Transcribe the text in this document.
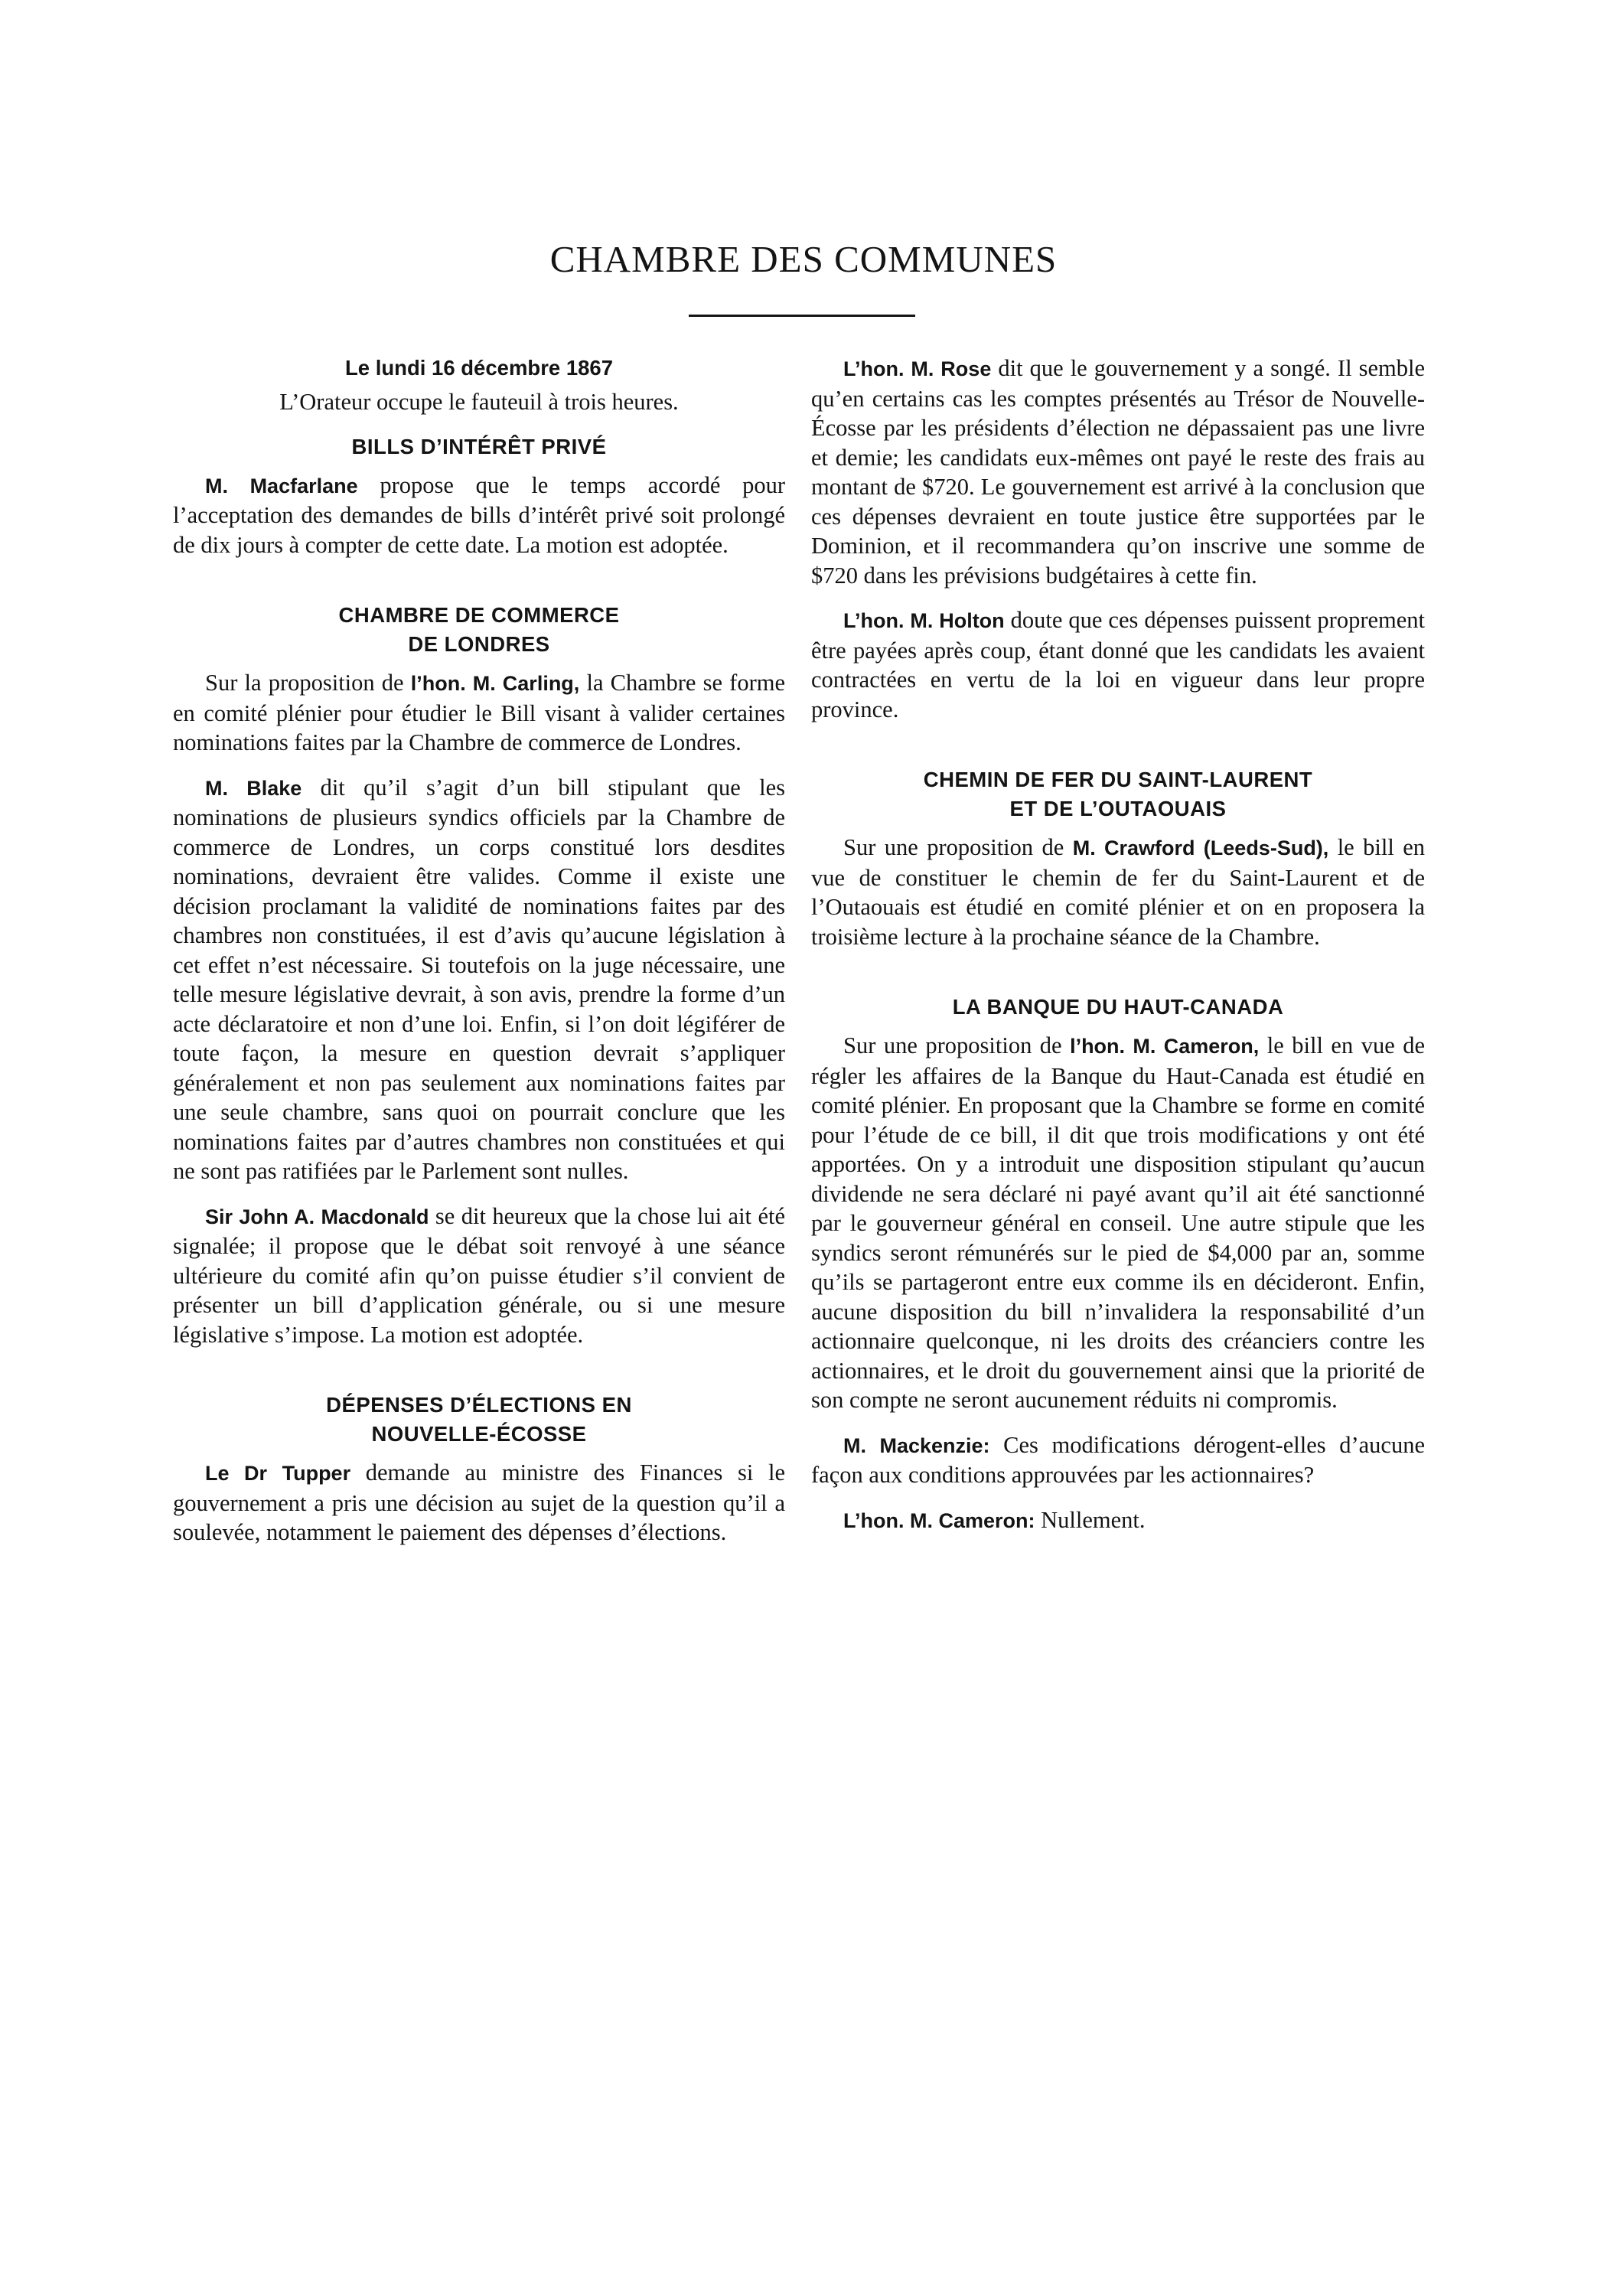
CHAMBRE DES COMMUNES

Le lundi 16 décembre 1867

L’Orateur occupe le fauteuil à trois heures.

BILLS D’INTÉRÊT PRIVÉ

M. Macfarlane propose que le temps accordé pour l’acceptation des demandes de bills d’intérêt privé soit prolongé de dix jours à compter de cette date. La motion est adoptée.

CHAMBRE DE COMMERCE

DE LONDRES

Sur la proposition de l’hon. M. Carling, la Chambre se forme en comité plénier pour étudier le Bill visant à valider certaines nominations faites par la Chambre de commerce de Londres.

M. Blake dit qu’il s’agit d’un bill stipulant que les nominations de plusieurs syndics officiels par la Chambre de commerce de Londres, un corps constitué lors desdites nominations, devraient être valides. Comme il existe une décision proclamant la validité de nominations faites par des chambres non constituées, il est d’avis qu’aucune législation à cet effet n’est nécessaire. Si toutefois on la juge nécessaire, une telle mesure législative devrait, à son avis, prendre la forme d’un acte déclaratoire et non d’une loi. Enfin, si l’on doit légiférer de toute façon, la mesure en question devrait s’appliquer généralement et non pas seulement aux nominations faites par une seule chambre, sans quoi on pourrait conclure que les nominations faites par d’autres chambres non constituées et qui ne sont pas ratifiées par le Parlement sont nulles.

Sir John A. Macdonald se dit heureux que la chose lui ait été signalée; il propose que le débat soit renvoyé à une séance ultérieure du comité afin qu’on puisse étudier s’il convient de présenter un bill d’application générale, ou si une mesure législative s’impose. La motion est adoptée.

DÉPENSES D’ÉLECTIONS EN

NOUVELLE-ÉCOSSE

Le Dr Tupper demande au ministre des Finances si le gouvernement a pris une décision au sujet de la question qu’il a soulevée, notamment le paiement des dépenses d’élections.

L’hon. M. Rose dit que le gouvernement y a songé. Il semble qu’en certains cas les comptes présentés au Trésor de Nouvelle-Écosse par les présidents d’élection ne dépassaient pas une livre et demie; les candidats eux-mêmes ont payé le reste des frais au montant de $720. Le gouvernement est arrivé à la conclusion que ces dépenses devraient en toute justice être supportées par le Dominion, et il recommandera qu’on inscrive une somme de $720 dans les prévisions budgétaires à cette fin.

L’hon. M. Holton doute que ces dépenses puissent proprement être payées après coup, étant donné que les candidats les avaient contractées en vertu de la loi en vigueur dans leur propre province.

CHEMIN DE FER DU SAINT-LAURENT

ET DE L’OUTAOUAIS

Sur une proposition de M. Crawford (Leeds-Sud), le bill en vue de constituer le chemin de fer du Saint-Laurent et de l’Outaouais est étudié en comité plénier et on en proposera la troisième lecture à la prochaine séance de la Chambre.

LA BANQUE DU HAUT-CANADA

Sur une proposition de l’hon. M. Cameron, le bill en vue de régler les affaires de la Banque du Haut-Canada est étudié en comité plénier. En proposant que la Chambre se forme en comité pour l’étude de ce bill, il dit que trois modifications y ont été apportées. On y a introduit une disposition stipulant qu’aucun dividende ne sera déclaré ni payé avant qu’il ait été sanctionné par le gouverneur général en conseil. Une autre stipule que les syndics seront rémunérés sur le pied de $4,000 par an, somme qu’ils se partageront entre eux comme ils en décideront. Enfin, aucune disposition du bill n’invalidera la responsabilité d’un actionnaire quelconque, ni les droits des créanciers contre les actionnaires, et le droit du gouvernement ainsi que la priorité de son compte ne seront aucunement réduits ni compromis.

M. Mackenzie: Ces modifications dérogent-elles d’aucune façon aux conditions approuvées par les actionnaires?

L’hon. M. Cameron: Nullement.
